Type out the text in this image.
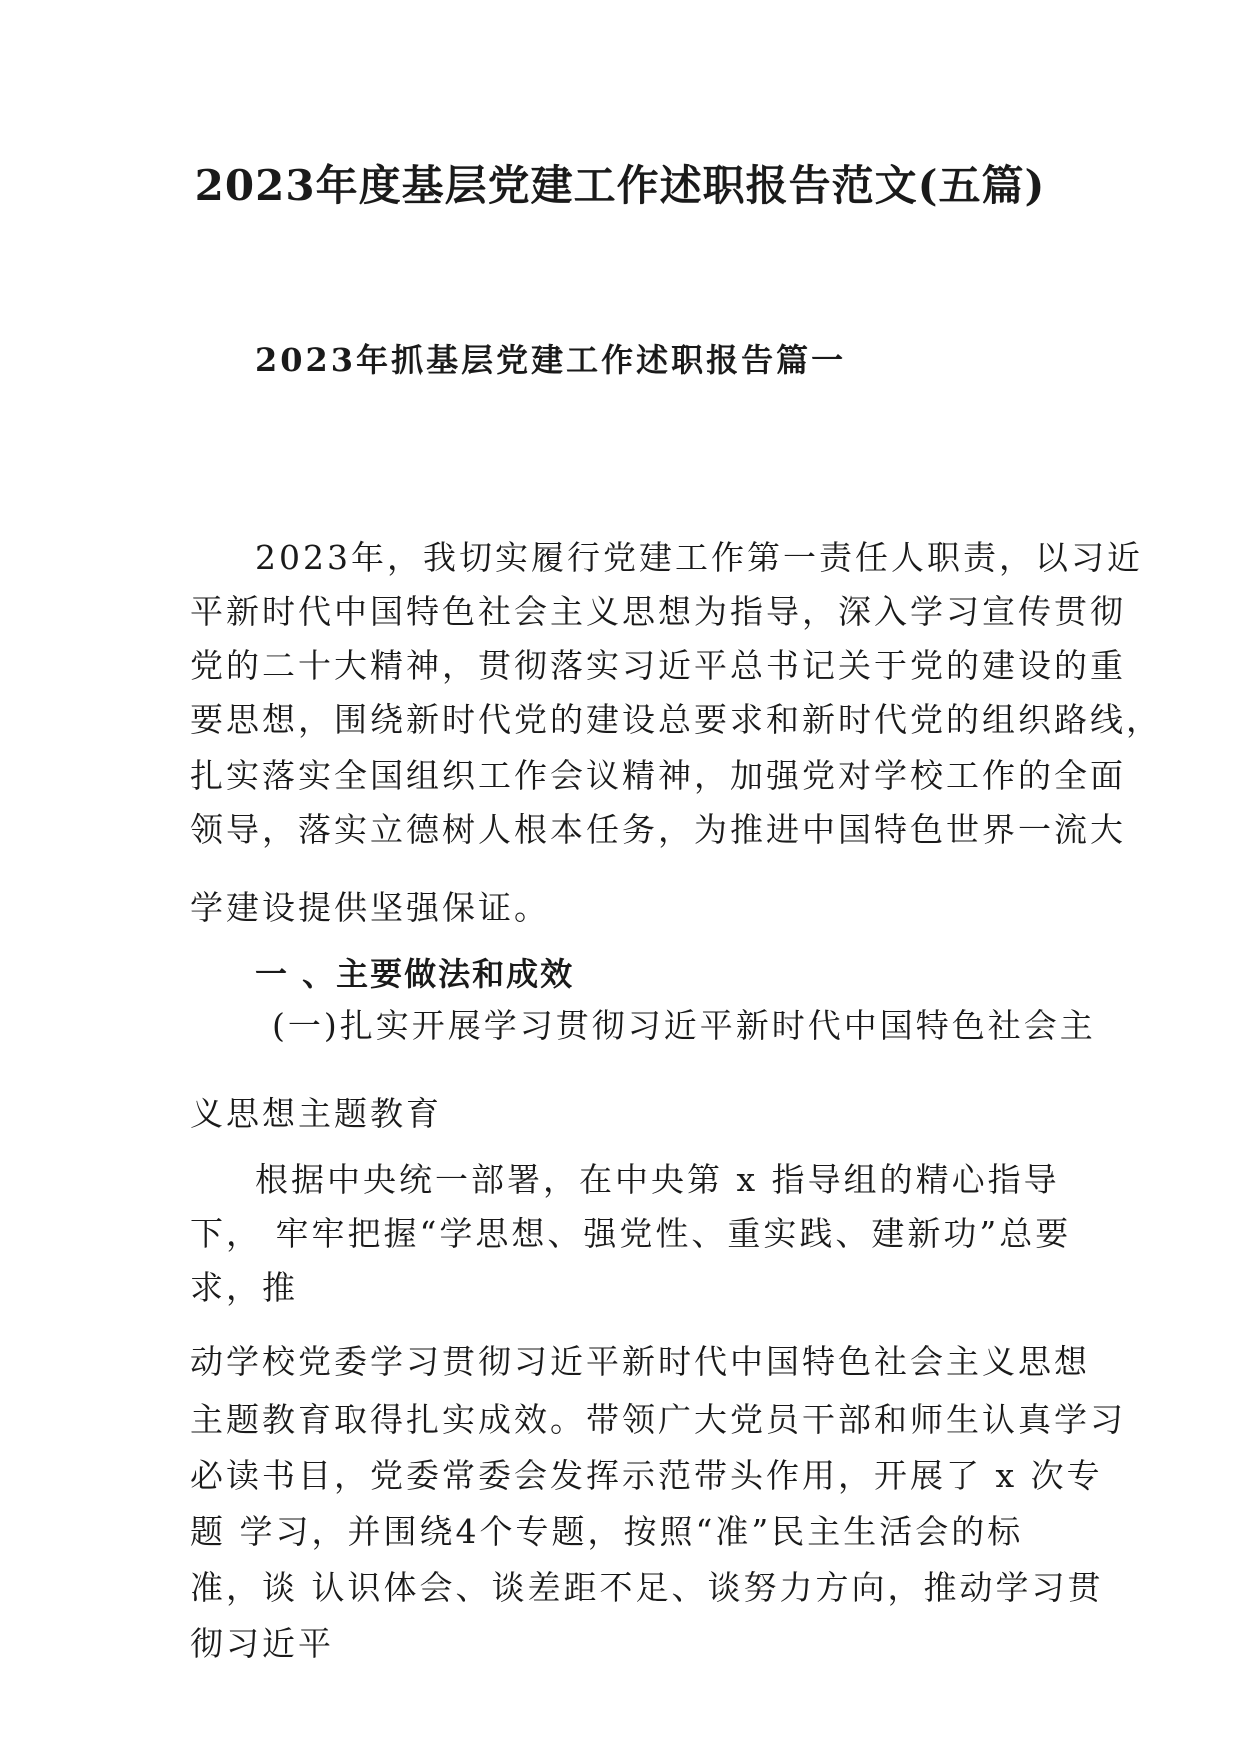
2023年度基层党建工作述职报告范文(五篇)
2023年抓基层党建工作述职报告篇一
2023年，我切实履行党建工作第一责任人职责，以习近
平新时代中国特色社会主义思想为指导，深入学习宣传贯彻
党的二十大精神，贯彻落实习近平总书记关于党的建设的重
要思想，围绕新时代党的建设总要求和新时代党的组织路线，
扎实落实全国组织工作会议精神，加强党对学校工作的全面
领导，落实立德树人根本任务，为推进中国特色世界一流大
学建设提供坚强保证。
一 、主要做法和成效
(一)扎实开展学习贯彻习近平新时代中国特色社会主
义思想主题教育
根据中央统一部署，在中央第 x 指导组的精心指导
下， 牢牢把握“学思想、强党性、重实践、建新功”总要
求，推
动学校党委学习贯彻习近平新时代中国特色社会主义思想
主题教育取得扎实成效。带领广大党员干部和师生认真学习
必读书目，党委常委会发挥示范带头作用，开展了 x 次专
题 学习，并围绕4个专题，按照“准”民主生活会的标
准，谈 认识体会、谈差距不足、谈努力方向，推动学习贯
彻习近平
